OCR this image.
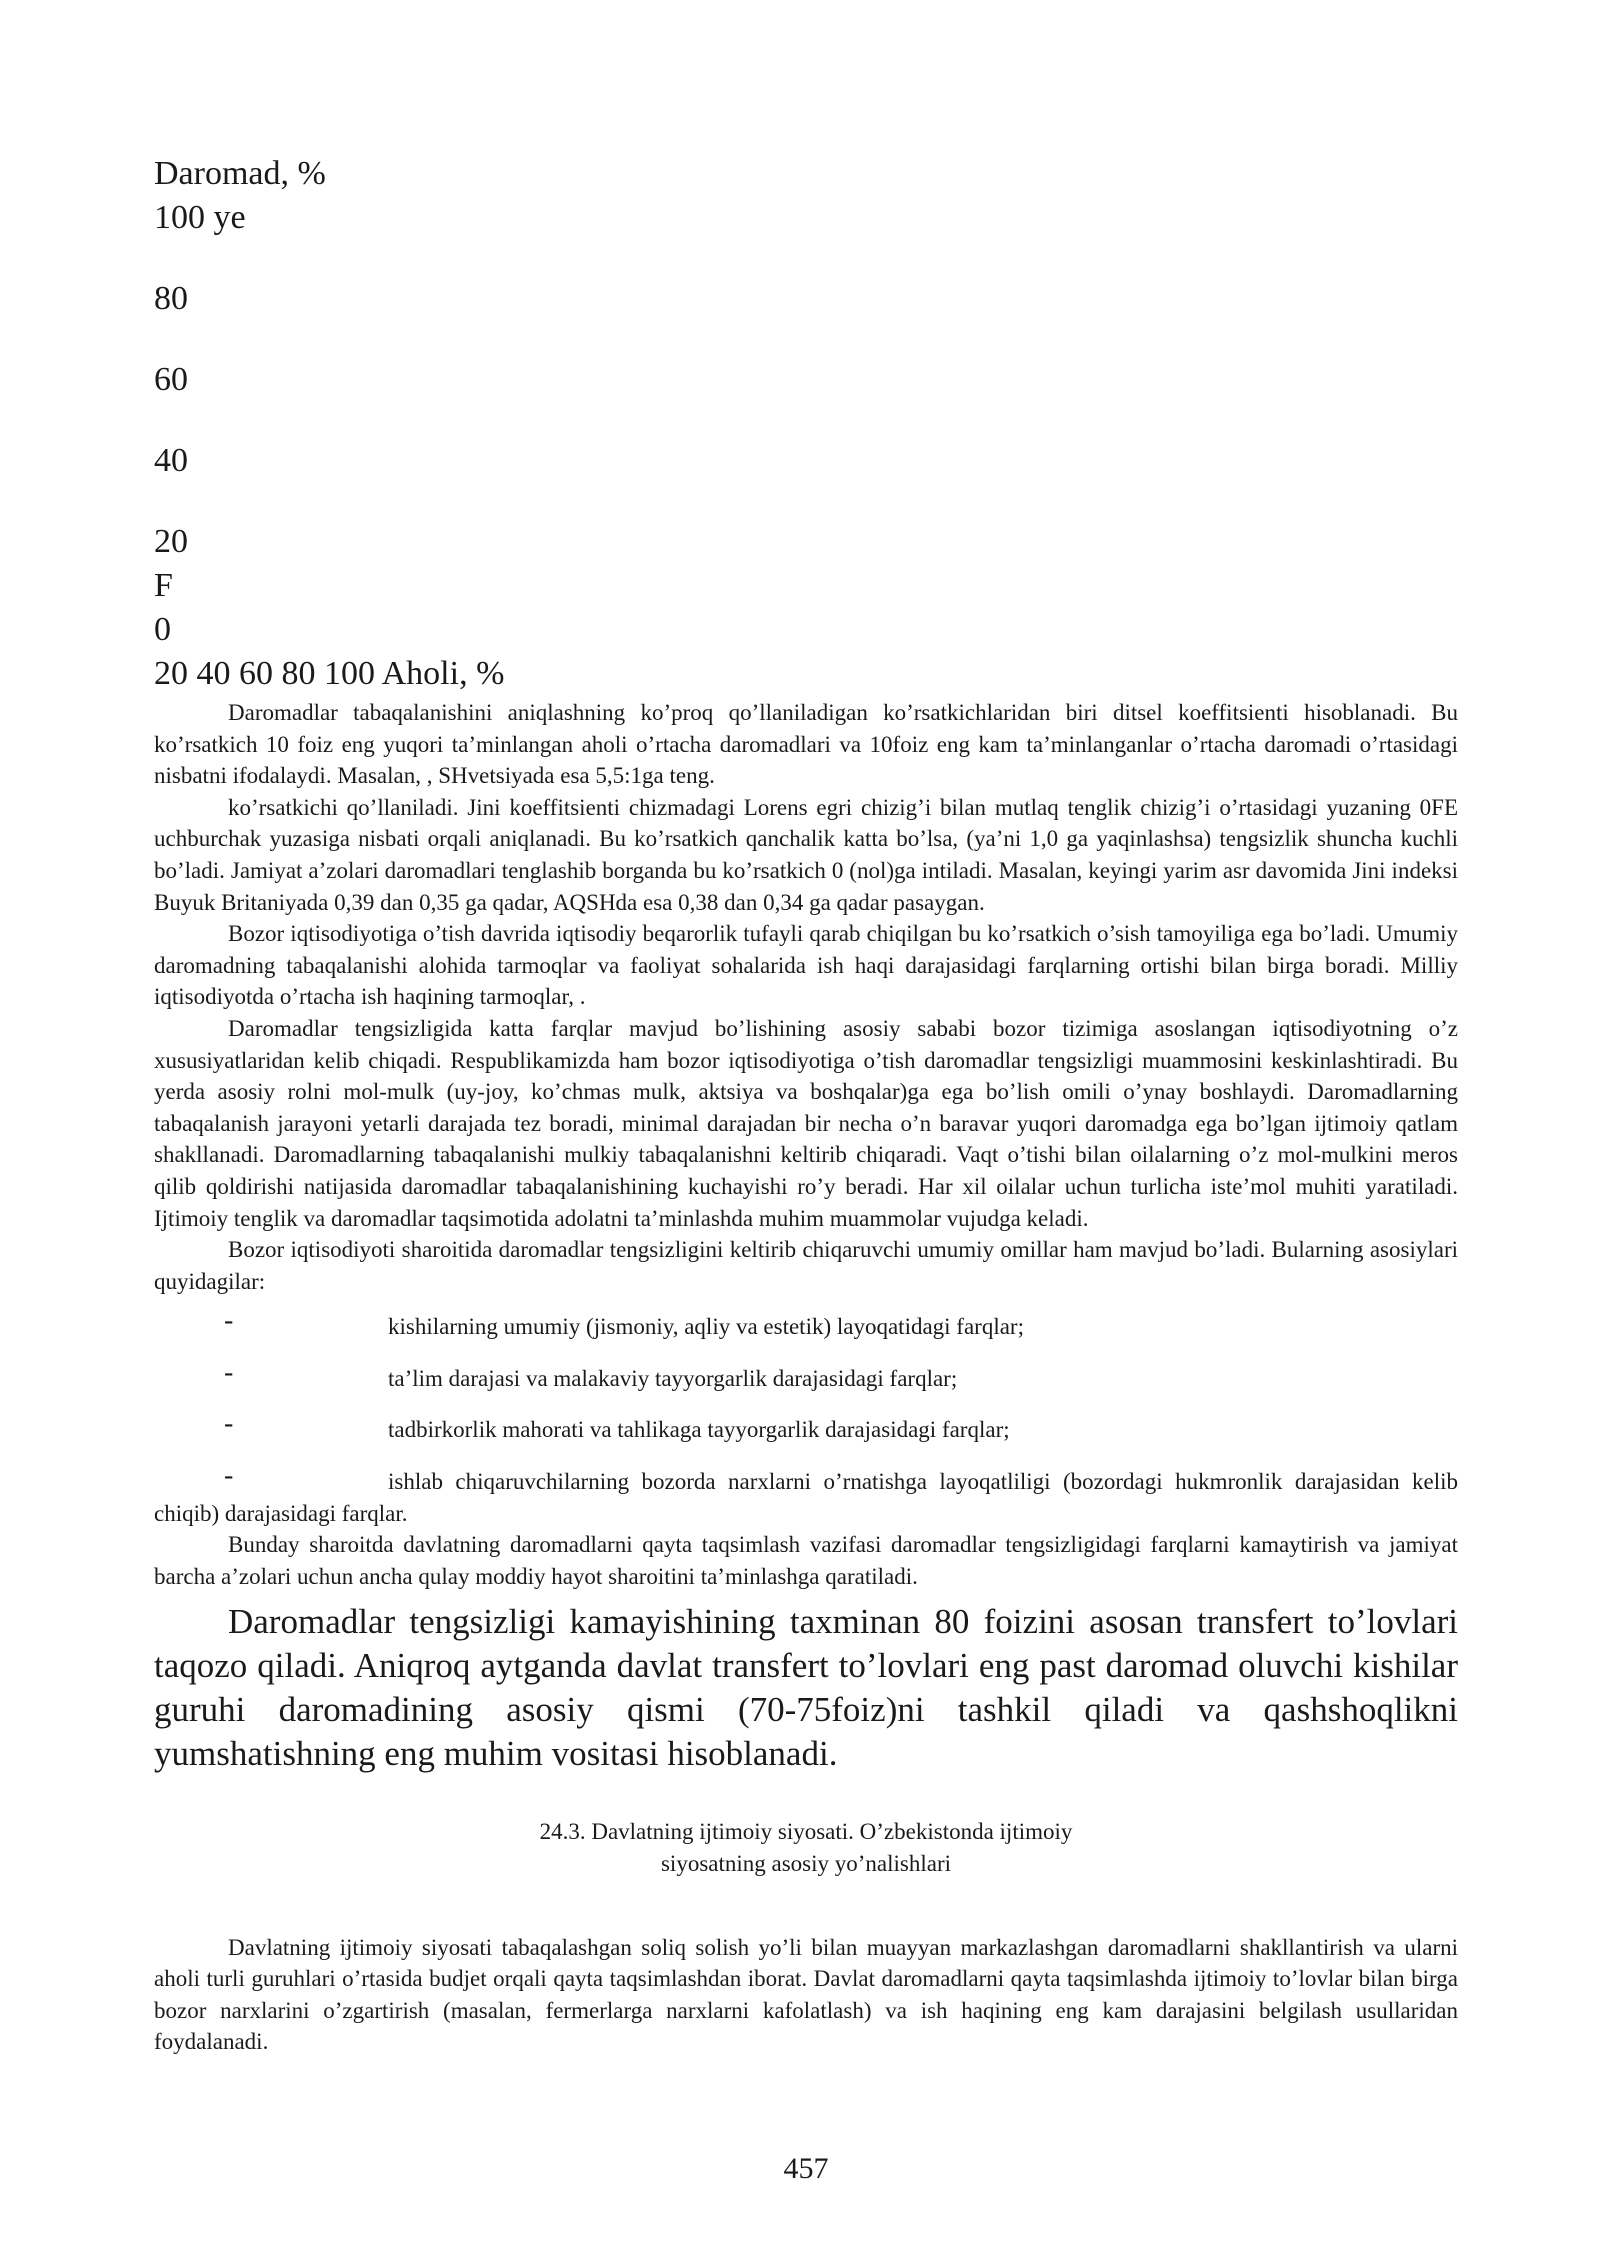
Daromad, %

100 ye

80

60

40

20

F

0

20 40 60 80 100 Aholi, %

Daromadlar tabaqalanishini aniqlashning ko’proq qo’llaniladigan ko’rsatkichlaridan biri ditsel koeffitsienti hisoblanadi. Bu ko’rsatkich 10 foiz eng yuqori ta’minlangan aholi o’rtacha daromadlari va 10foiz eng kam ta’minlanganlar o’rtacha daromadi o’rtasidagi nisbatni ifodalaydi. Masalan, , SHvetsiyada esa 5,5:1ga teng.

ko’rsatkichi qo’llaniladi. Jini koeffitsienti chizmadagi Lorens egri chizig’i bilan mutlaq tenglik chizig’i o’rtasidagi yuzaning 0FE uchburchak yuzasiga nisbati orqali aniqlanadi. Bu ko’rsatkich qanchalik katta bo’lsa, (ya’ni 1,0 ga yaqinlashsa) tengsizlik shuncha kuchli bo’ladi. Jamiyat a’zolari daromadlari tenglashib borganda bu ko’rsatkich 0 (nol)ga intiladi. Masalan, keyingi yarim asr davomida Jini indeksi Buyuk Britaniyada 0,39 dan 0,35 ga qadar, AQSHda esa 0,38 dan 0,34 ga qadar pasaygan.

Bozor iqtisodiyotiga o’tish davrida iqtisodiy beqarorlik tufayli qarab chiqilgan bu ko’rsatkich o’sish tamoyiliga ega bo’ladi. Umumiy daromadning tabaqalanishi alohida tarmoqlar va faoliyat sohalarida ish haqi darajasidagi farqlarning ortishi bilan birga boradi. Milliy iqtisodiyotda o’rtacha ish haqining tarmoqlar, .

Daromadlar tengsizligida katta farqlar mavjud bo’lishining asosiy sababi bozor tizimiga asoslangan iqtisodiyotning o’z xususiyatlaridan kelib chiqadi. Respublikamizda ham bozor iqtisodiyotiga o’tish daromadlar tengsizligi muammosini keskinlashtiradi. Bu yerda asosiy rolni mol-mulk (uy-joy, ko’chmas mulk, aktsiya va boshqalar)ga ega bo’lish omili o’ynay boshlaydi. Daromadlarning tabaqalanish jarayoni yetarli darajada tez boradi, minimal darajadan bir necha o’n baravar yuqori daromadga ega bo’lgan ijtimoiy qatlam shakllanadi. Daromadlarning tabaqalanishi mulkiy tabaqalanishni keltirib chiqaradi. Vaqt o’tishi bilan oilalarning o’z mol-mulkini meros qilib qoldirishi natijasida daromadlar tabaqalanishining kuchayishi ro’y beradi. Har xil oilalar uchun turlicha iste’mol muhiti yaratiladi. Ijtimoiy tenglik va daromadlar taqsimotida adolatni ta’minlashda muhim muammolar vujudga keladi.

Bozor iqtisodiyoti sharoitida daromadlar tengsizligini keltirib chiqaruvchi umumiy omillar ham mavjud bo’ladi. Bularning asosiylari quyidagilar:

-	kishilarning umumiy (jismoniy, aqliy va estetik) layoqatidagi farqlar;
-	ta’lim darajasi va malakaviy tayyorgarlik darajasidagi farqlar;
-	tadbirkorlik mahorati va tahlikaga tayyorgarlik darajasidagi farqlar;
-	ishlab chiqaruvchilarning bozorda narxlarni o’rnatishga layoqatliligi (bozordagi hukmronlik darajasidan kelib chiqib) darajasidagi farqlar.

Bunday sharoitda davlatning daromadlarni qayta taqsimlash vazifasi daromadlar tengsizligidagi farqlarni kamaytirish va jamiyat barcha a’zolari uchun ancha qulay moddiy hayot sharoitini ta’minlashga qaratiladi.

Daromadlar tengsizligi kamayishining taxminan 80 foizini asosan transfert to’lovlari taqozo qiladi. Aniqroq aytganda davlat transfert to’lovlari eng past daromad oluvchi kishilar guruhi daromadining asosiy qismi (70-75foiz)ni tashkil qiladi va qashshoqlikni yumshatishning eng muhim vositasi hisoblanadi.

24.3. Davlatning ijtimoiy siyosati. O’zbekistonda ijtimoiy
siyosatning asosiy yo’nalishlari

Davlatning ijtimoiy siyosati tabaqalashgan soliq solish yo’li bilan muayyan markazlashgan daromadlarni shakllantirish va ularni aholi turli guruhlari o’rtasida budjet orqali qayta taqsimlashdan iborat. Davlat daromadlarni qayta taqsimlashda ijtimoiy to’lovlar bilan birga bozor narxlarini o’zgartirish (masalan, fermerlarga narxlarni kafolatlash) va ish haqining eng kam darajasini belgilash usullaridan foydalanadi.

457
